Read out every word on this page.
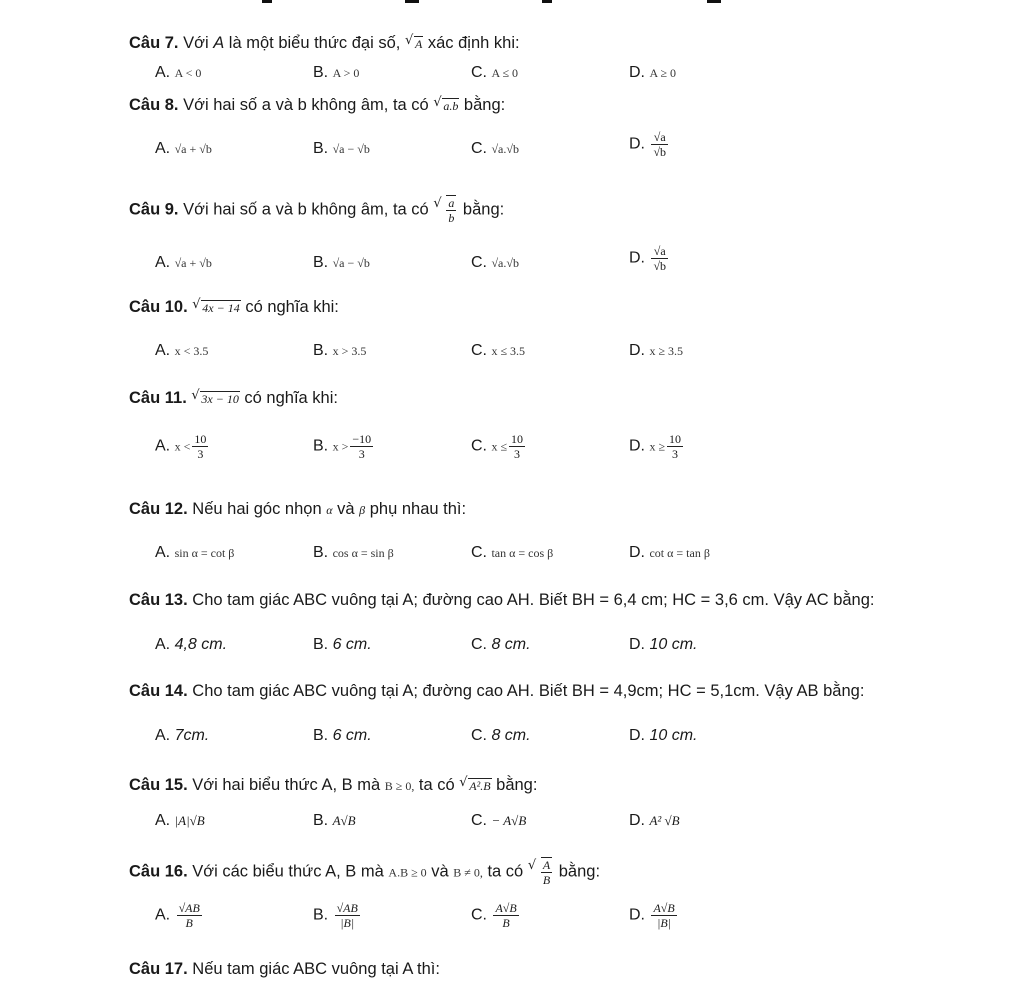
Câu 7. Với A là một biểu thức đại số, √ A xác định khi:
A. A < 0	B. A > 0	C. A ≤ 0	D. A ≥ 0
Câu 8. Với hai số a và b không âm, ta có √ a.b bằng:
A. √a + √b	B. √a − √b	C. √a.√b	D. $\frac{√a}{√b}$
Câu 9. Với hai số a và b không âm, ta có √ $\frac{a}{b}$ bằng:
A. √a + √b	B. √a − √b	C. √a.√b	D. $\frac{√a}{√b}$
Câu 10. √ 4x − 14 có nghĩa khi:
A. x < 3.5	B. x > 3.5	C. x ≤ 3.5	D. x ≥ 3.5
Câu 11. √ 3x − 10 có nghĩa khi:
A. $x < \frac{10}{3}$	B. $x > \frac{-10}{3}$	C. $x \le \frac{10}{3}$	D. $x \ge \frac{10}{3}$
Câu 12. Nếu hai góc nhọn α và β phụ nhau thì:
A. sin α = cot β	B. cos α = sin β	C. tan α = cos β	D. cot α = tan β
Câu 13. Cho tam giác ABC vuông tại A; đường cao AH. Biết BH = 6,4 cm; HC = 3,6 cm. Vậy AC bằng:
A. 4,8 cm.	B. 6 cm.	C. 8 cm.	D. 10 cm.
Câu 14. Cho tam giác ABC vuông tại A; đường cao AH. Biết BH = 4,9cm; HC = 5,1cm. Vậy AB bằng:
A. 7cm.	B. 6 cm.	C. 8 cm.	D. 10 cm.
Câu 15. Với hai biểu thức A, B mà B ≥ 0, ta có √ A².B bằng:
A. |A|√B	B. A√B	C. − A√B	D. A² √B
Câu 16. Với các biểu thức A, B mà A.B ≥ 0 và B ≠ 0, ta có √ $\frac{A}{B}$ bằng:
A. $\frac{√AB}{B}$	B. $\frac{√AB}{|B|}$	C. $\frac{A√B}{B}$	D. $\frac{A√B}{|B|}$
Câu 17. Nếu tam giác ABC vuông tại A thì:
